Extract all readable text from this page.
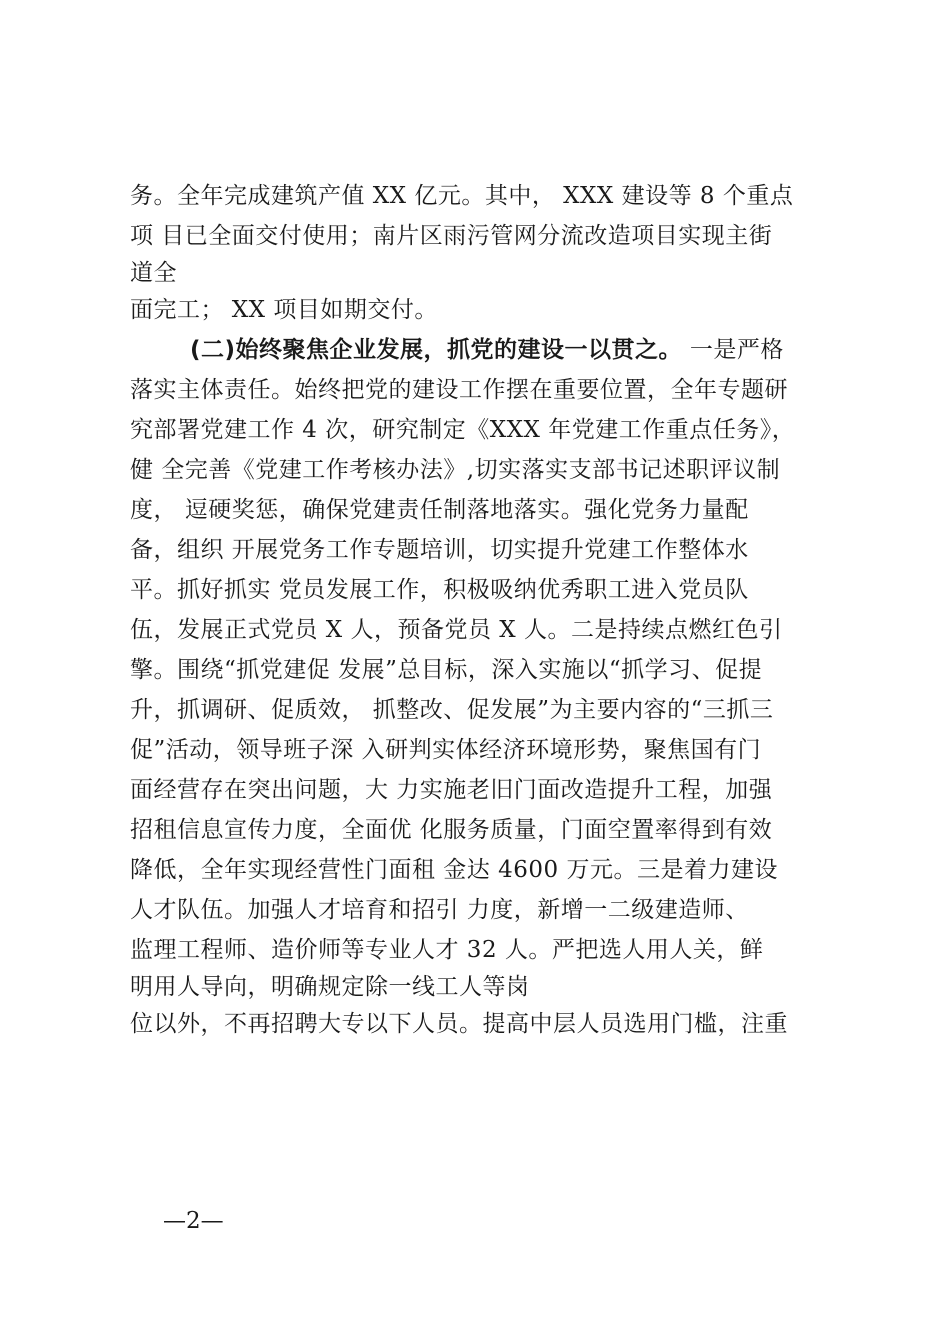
务。全年完成建筑产值 XX 亿元。其中， XXX 建设等 8 个重点
项 目已全面交付使用；南片区雨污管网分流改造项目实现主街
道全
面完工； XX 项目如期交付。
(二)始终聚焦企业发展，抓党的建设一以贯之。 一是严格
落实主体责任。始终把党的建设工作摆在重要位置，全年专题研
究部署党建工作 4 次，研究制定《XXX 年党建工作重点任务》，
健 全完善《党建工作考核办法》,切实落实支部书记述职评议制
度， 逗硬奖惩，确保党建责任制落地落实。强化党务力量配
备，组织 开展党务工作专题培训，切实提升党建工作整体水
平。抓好抓实 党员发展工作，积极吸纳优秀职工进入党员队
伍，发展正式党员 X 人，预备党员 X 人。二是持续点燃红色引
擎。围绕“抓党建促 发展”总目标，深入实施以“抓学习、促提
升，抓调研、促质效， 抓整改、促发展”为主要内容的“三抓三
促”活动，领导班子深 入研判实体经济环境形势，聚焦国有门
面经营存在突出问题，大 力实施老旧门面改造提升工程，加强
招租信息宣传力度，全面优 化服务质量，门面空置率得到有效
降低，全年实现经营性门面租 金达 4600 万元。三是着力建设
人才队伍。加强人才培育和招引 力度，新增一二级建造师、
监理工程师、造价师等专业人才 32 人。严把选人用人关，鲜
明用人导向，明确规定除一线工人等岗
位以外，不再招聘大专以下人员。提高中层人员选用门槛，注重
—2—
